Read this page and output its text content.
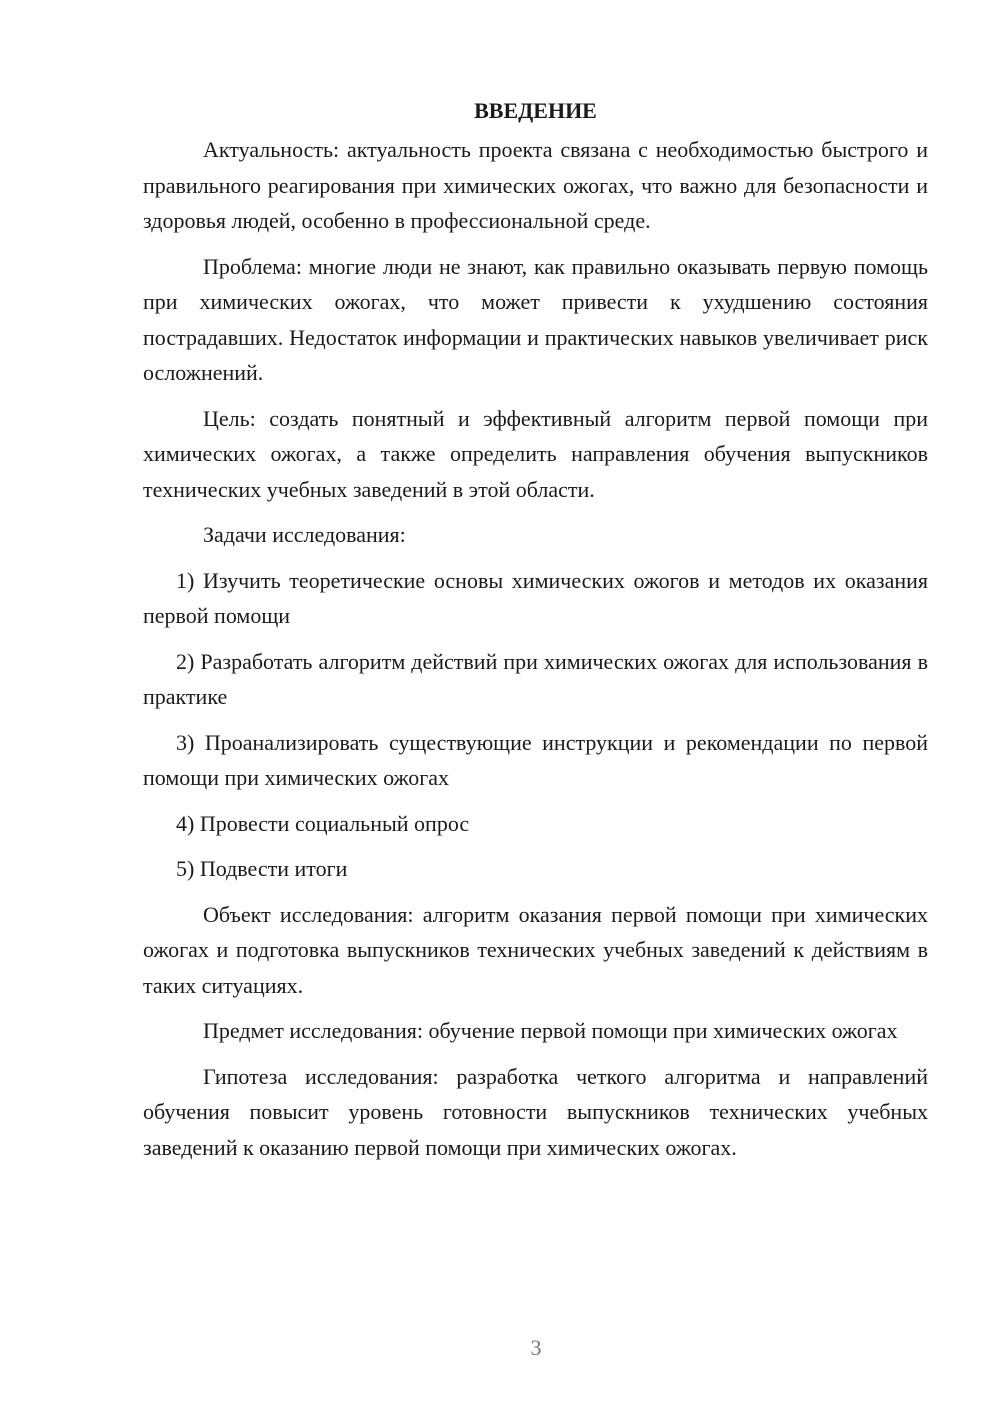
ВВЕДЕНИЕ

Актуальность: актуальность проекта связана с необходимостью быстрого и правильного реагирования при химических ожогах, что важно для безопасности и здоровья людей, особенно в профессиональной среде.

Проблема: многие люди не знают, как правильно оказывать первую помощь при химических ожогах, что может привести к ухудшению состояния пострадавших. Недостаток информации и практических навыков увеличивает риск осложнений.

Цель: создать понятный и эффективный алгоритм первой помощи при химических ожогах, а также определить направления обучения выпускников технических учебных заведений в этой области.

Задачи исследования:

1) Изучить теоретические основы химических ожогов и методов их оказания первой помощи

2) Разработать алгоритм действий при химических ожогах для использования в практике

3) Проанализировать существующие инструкции и рекомендации по первой помощи при химических ожогах

4) Провести социальный опрос

5) Подвести итоги

Объект исследования: алгоритм оказания первой помощи при химических ожогах и подготовка выпускников технических учебных заведений к действиям в таких ситуациях.

Предмет исследования: обучение первой помощи при химических ожогах

Гипотеза исследования: разработка четкого алгоритма и направлений обучения повысит уровень готовности выпускников технических учебных заведений к оказанию первой помощи при химических ожогах.

3
